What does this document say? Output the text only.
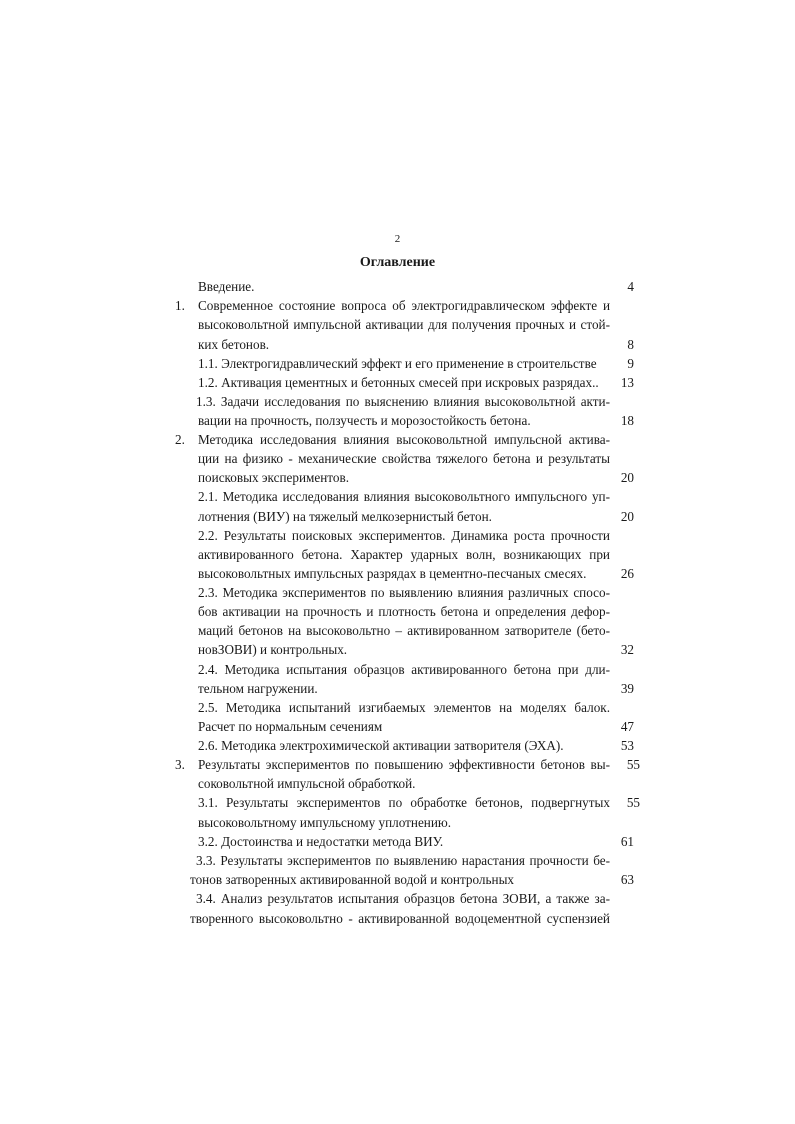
2
Оглавление
Введение.	4
1. Современное состояние вопроса об электрогидравлическом эффекте и
высоковольтной импульсной активации для получения прочных и стой-
ких бетонов.	8
1.1. Электрогидравлический эффект и его применение в строительстве	9
1.2. Активация цементных и бетонных смесей при искровых разрядах..	13
1.3. Задачи исследования по выяснению влияния высоковольтной акти-
вации на прочность, ползучесть и морозостойкость бетона.	18
2. Методика исследования влияния высоковольтной импульсной актива-
ции на физико - механические свойства тяжелого бетона и результаты
поисковых экспериментов.	20
2.1. Методика исследования влияния высоковольтного импульсного уп-
лотнения (ВИУ) на тяжелый мелкозернистый бетон.	20
2.2. Результаты поисковых экспериментов. Динамика роста прочности
активированного бетона. Характер ударных волн, возникающих при
высоковольтных импульсных разрядах в цементно-песчаных смесях.	26
2.3. Методика экспериментов по выявлению влияния различных спосо-
бов активации на прочность и плотность бетона и определения дефор-
маций бетонов на высоковольтно – активированном затворителе (бето-
новЗОВИ) и контрольных.	32
2.4. Методика испытания образцов активированного бетона при дли-
тельном нагружении.	39
2.5. Методика испытаний изгибаемых элементов на моделях балок.
Расчет по нормальным сечениям	47
2.6. Методика электрохимической активации затворителя (ЭХА).	53
3. Результаты экспериментов по повышению эффективности бетонов вы-	55
соковольтной импульсной обработкой.
3.1. Результаты экспериментов по обработке бетонов, подвергнутых	55
высоковольтному импульсному уплотнению.
3.2. Достоинства и недостатки метода ВИУ.	61
3.3. Результаты экспериментов по выявлению нарастания прочности бе-
тонов затворенных активированной водой и контрольных	63
3.4. Анализ результатов испытания образцов бетона ЗОВИ, а также за-
творенного высоковольтно - активированной водоцементной суспензией
